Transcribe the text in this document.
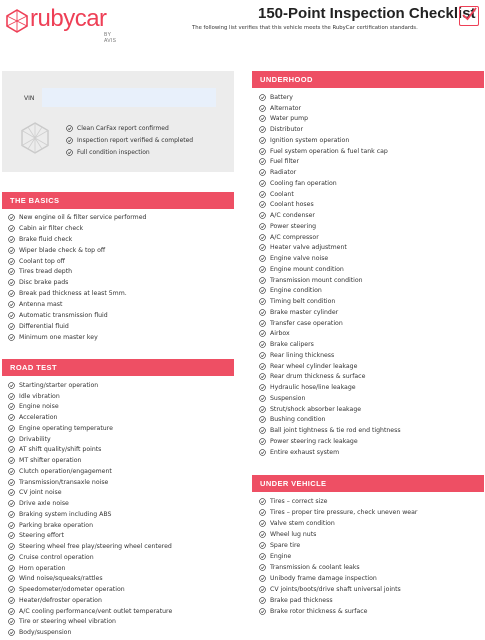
rubycar
BY AVIS
150-Point Inspection Checklist
The following list verifies that this vehicle meets the RubyCar certification standards.
VIN
Clean CarFax report confirmed
Inspection report verified & completed
Full condition inspection
THE BASICS
New engine oil & filter service performed
Cabin air filter check
Brake fluid check
Wiper blade check & top off
Coolant top off
Tires tread depth
Disc brake pads
Break pad thickness at least 5mm.
Antenna mast
Automatic transmission fluid
Differential fluid
Minimum one master key
ROAD TEST
Starting/starter operation
Idle vibration
Engine noise
Acceleration
Engine operating temperature
Drivability
AT shift quality/shift points
MT shifter operation
Clutch operation/engagement
Transmission/transaxle noise
CV joint noise
Drive axle noise
Braking system including ABS
Parking brake operation
Steering effort
Steering wheel free play/steering wheel centered
Cruise control operation
Horn operation
Wind noise/squeaks/rattles
Speedometer/odometer operation
Heater/defroster operation
A/C cooling performance/vent outlet temperature
Tire or steering wheel vibration
Body/suspension
UNDERHOOD
Battery
Alternator
Water pump
Distributor
Ignition system operation
Fuel system operation & fuel tank cap
Fuel filter
Radiator
Cooling fan operation
Coolant
Coolant hoses
A/C condenser
Power steering
A/C compressor
Heater valve adjustment
Engine valve noise
Engine mount condition
Transmission mount condition
Engine condition
Timing belt condition
Brake master cylinder
Transfer case operation
Airbox
Brake calipers
Rear lining thickness
Rear wheel cylinder leakage
Rear drum thickness & surface
Hydraulic hose/line leakage
Suspension
Strut/shock absorber leakage
Bushing condition
Ball joint tightness & tie rod end tightness
Power steering rack leakage
Entire exhaust system
UNDER VEHICLE
Tires – correct size
Tires – proper tire pressure, check uneven wear
Valve stem condition
Wheel lug nuts
Spare tire
Engine
Transmission & coolant leaks
Unibody frame damage inspection
CV joints/boots/drive shaft universal joints
Brake pad thickness
Brake rotor thickness & surface
